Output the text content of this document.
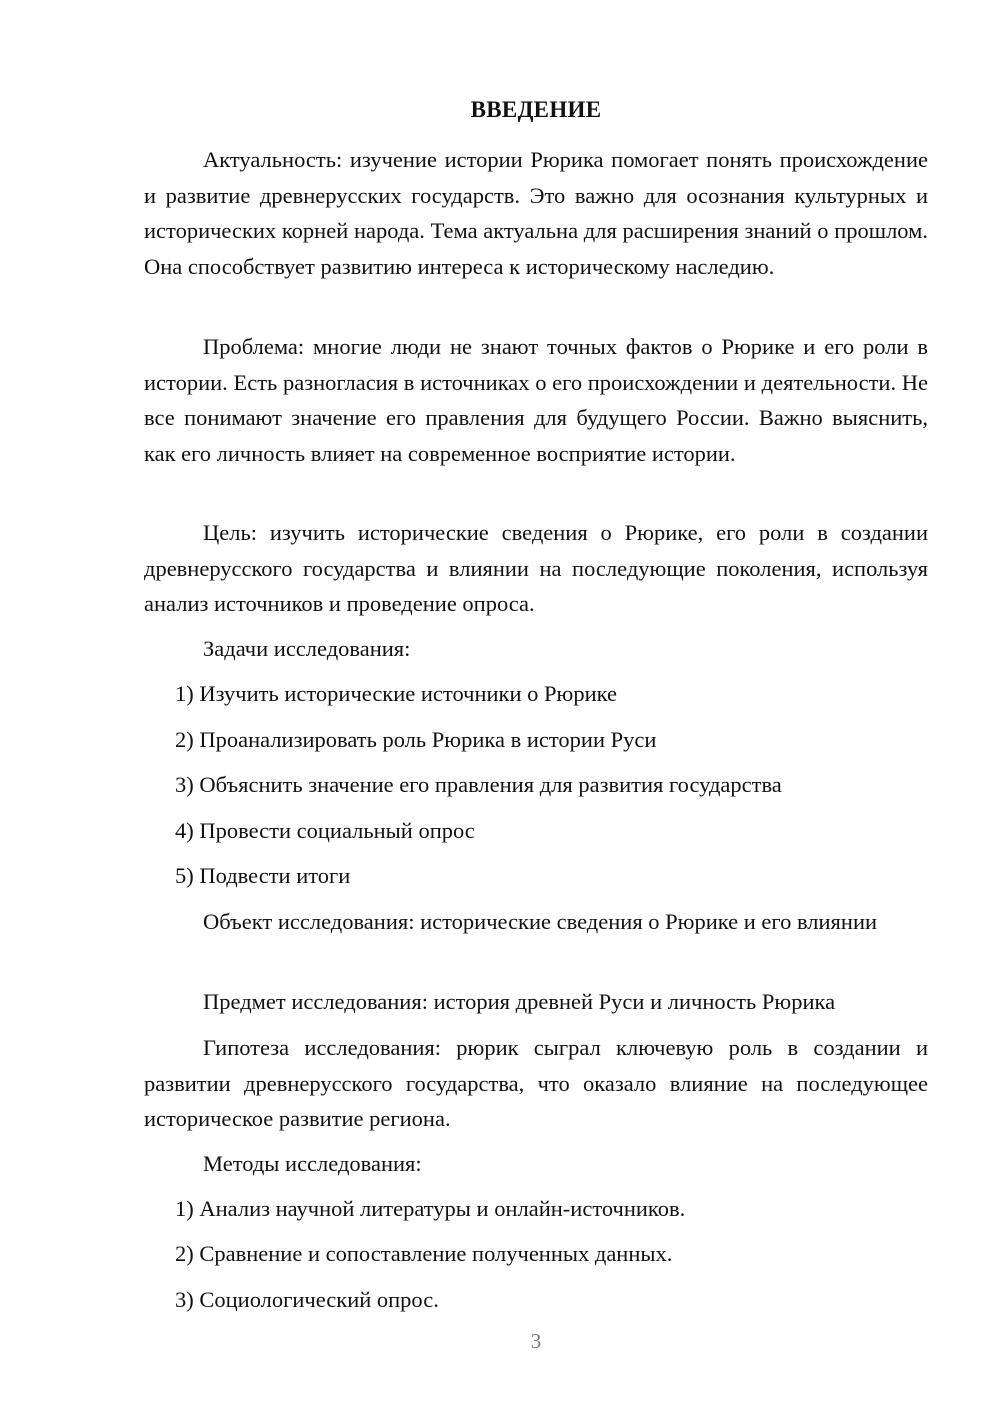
ВВЕДЕНИЕ

Актуальность: изучение истории Рюрика помогает понять происхождение и развитие древнерусских государств. Это важно для осознания культурных и исторических корней народа. Тема актуальна для расширения знаний о прошлом. Она способствует развитию интереса к историческому наследию.

Проблема: многие люди не знают точных фактов о Рюрике и его роли в истории. Есть разногласия в источниках о его происхождении и деятельности. Не все понимают значение его правления для будущего России. Важно выяснить, как его личность влияет на современное восприятие истории.

Цель: изучить исторические сведения о Рюрике, его роли в создании древнерусского государства и влиянии на последующие поколения, используя анализ источников и проведение опроса.

Задачи исследования:

1) Изучить исторические источники о Рюрике

2) Проанализировать роль Рюрика в истории Руси

3) Объяснить значение его правления для развития государства

4) Провести социальный опрос

5) Подвести итоги

Объект исследования: исторические сведения о Рюрике и его влиянии

Предмет исследования: история древней Руси и личность Рюрика

Гипотеза исследования: рюрик сыграл ключевую роль в создании и развитии древнерусского государства, что оказало влияние на последующее историческое развитие региона.

Методы исследования:

1) Анализ научной литературы и онлайн-источников.

2) Сравнение и сопоставление полученных данных.

3) Социологический опрос.

3
